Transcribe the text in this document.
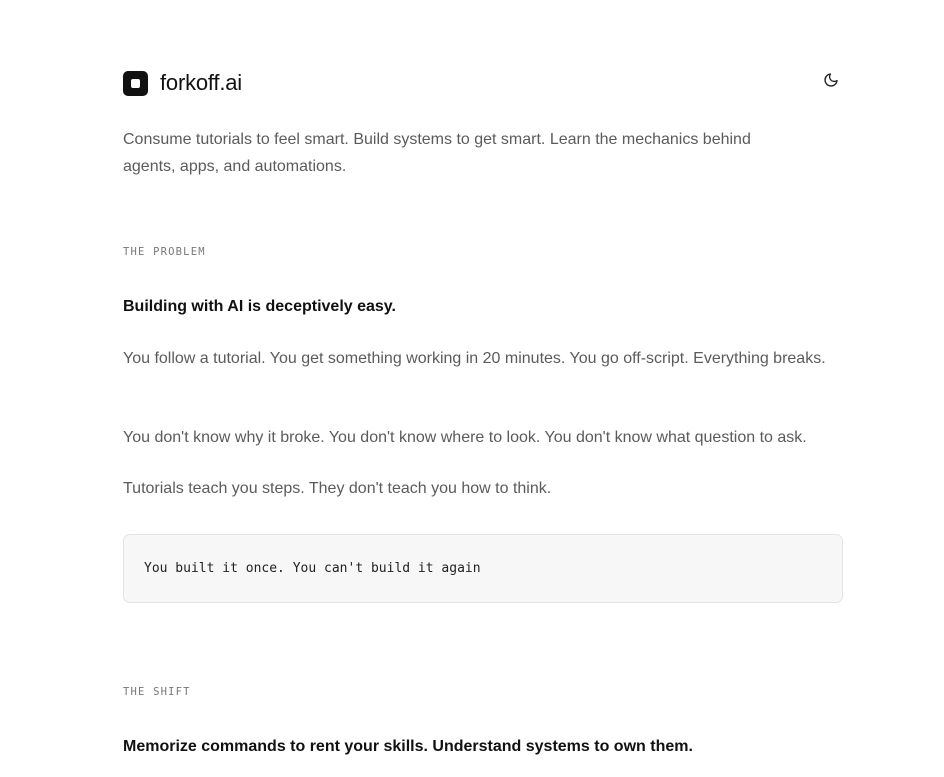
forkoff.ai

Consume tutorials to feel smart. Build systems to get smart. Learn the mechanics behind agents, apps, and automations.

THE PROBLEM

Building with AI is deceptively easy.

You follow a tutorial. You get something working in 20 minutes. You go off-script. Everything breaks.

You don't know why it broke. You don't know where to look. You don't know what question to ask.

Tutorials teach you steps. They don't teach you how to think.

You built it once. You can't build it again

THE SHIFT

Memorize commands to rent your skills. Understand systems to own them.
